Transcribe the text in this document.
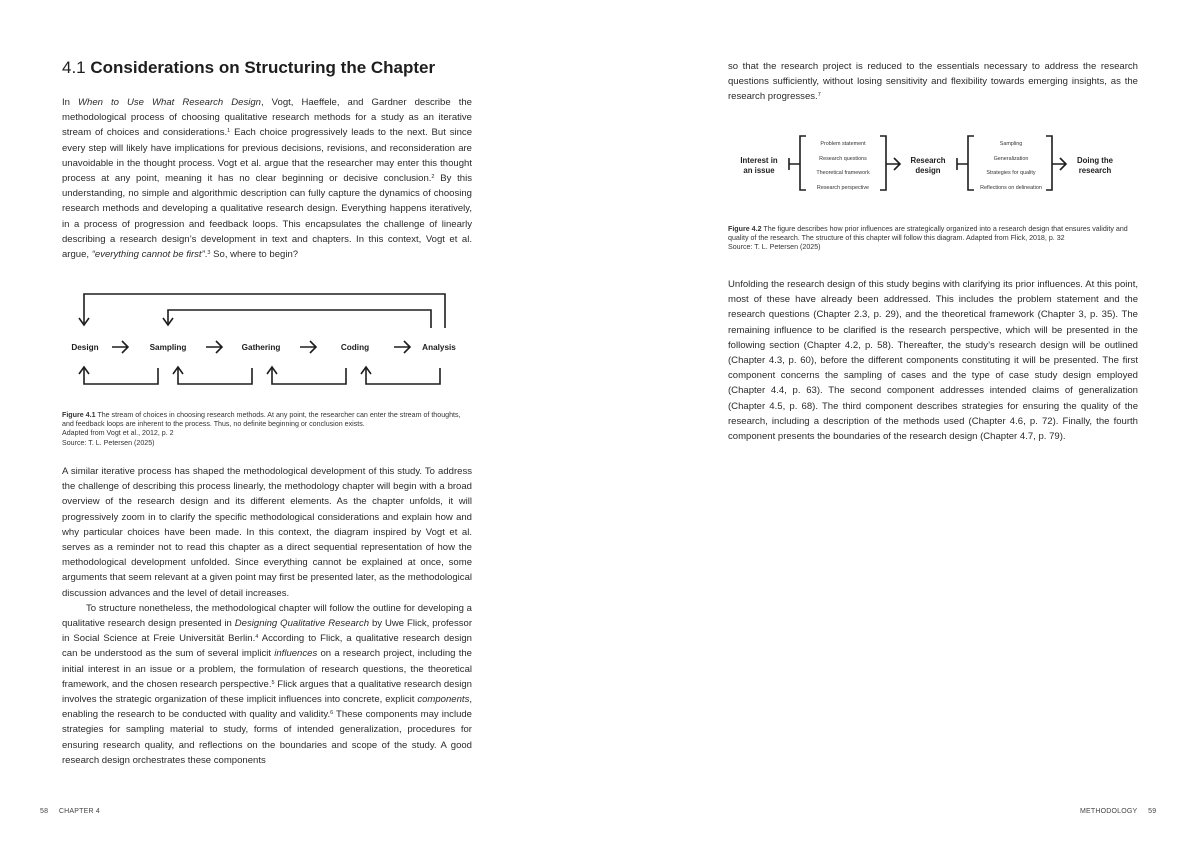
4.1 Considerations on Structuring the Chapter

In When to Use What Research Design, Vogt, Haeffele, and Gardner describe the methodological process of choosing qualitative research methods for a study as an iterative stream of choices and considerations.$^1$ Each choice progressively leads to the next. But since every step will likely have implications for previous decisions, revisions, and reconsideration are unavoidable in the thought process. Vogt et al. argue that the researcher may enter this thought process at any point, meaning it has no clear beginning or decisive conclusion.$^2$ By this understanding, no simple and algorithmic description can fully capture the dynamics of choosing research methods and developing a qualitative research design. Everything happens iteratively, in a process of progression and feedback loops. This encapsulates the challenge of linearly describing a research design’s development in text and chapters. In this context, Vogt et al. argue, “everything cannot be first”.$^3$ So, where to begin?

Design	Sampling	Gathering	Coding	Analysis

Figure 4.1 The stream of choices in choosing research methods. At any point, the researcher can enter the stream of thoughts, and feedback loops are inherent to the process. Thus, no definite beginning or conclusion exists.

Adapted from Vogt et al., 2012, p. 2

Source: T. L. Petersen (2025)

A similar iterative process has shaped the methodological development of this study. To address the challenge of describing this process linearly, the methodology chapter will begin with a broad overview of the research design and its different elements. As the chapter unfolds, it will progressively zoom in to clarify the specific methodological considerations and explain how and why particular choices have been made. In this context, the diagram inspired by Vogt et al. serves as a reminder not to read this chapter as a direct sequential representation of how the methodological development unfolded. Since everything cannot be explained at once, some arguments that seem relevant at a given point may first be presented later, as the methodological discussion advances and the level of detail increases.

To structure nonetheless, the methodological chapter will follow the outline for developing a qualitative research design presented in Designing Qualitative Research by Uwe Flick, professor in Social Science at Freie Universität Berlin.$^4$ According to Flick, a qualitative research design can be understood as the sum of several implicit influences on a research project, including the initial interest in an issue or a problem, the formulation of research questions, the theoretical framework, and the chosen research perspective.$^5$ Flick argues that a qualitative research design involves the strategic organization of these implicit influences into concrete, explicit components, enabling the research to be conducted with quality and validity.$^6$ These components may include strategies for sampling material to study, forms of intended generalization, procedures for ensuring research quality, and reflections on the boundaries and scope of the study. A good research design orchestrates these components

58 CHAPTER 4

so that the research project is reduced to the essentials necessary to address the research questions sufficiently, without losing sensitivity and flexibility towards emerging insights, as the research progresses.$^7$

Interest in
an issue
Research
design
Doing the
research
Problem statement
Research questions
Theoretical framework
Research perspective
Sampling
Generalization
Strategies for quality
Reflections on delineation

Figure 4.2 The figure describes how prior influences are strategically organized into a research design that ensures validity and quality of the research. The structure of this chapter will follow this diagram. Adapted from Flick, 2018, p. 32

Source: T. L. Petersen (2025)

Unfolding the research design of this study begins with clarifying its prior influences. At this point, most of these have already been addressed. This includes the problem statement and the research questions (Chapter 2.3, p. 29), and the theoretical framework (Chapter 3, p. 35). The remaining influence to be clarified is the research perspective, which will be presented in the following section (Chapter 4.2, p. 58). Thereafter, the study’s research design will be outlined (Chapter 4.3, p. 60), before the different components constituting it will be presented. The first component concerns the sampling of cases and the type of case study design employed (Chapter 4.4, p. 63). The second component addresses intended claims of generalization (Chapter 4.5, p. 68). The third component describes strategies for ensuring the quality of the research, including a description of the methods used (Chapter 4.6, p. 72). Finally, the fourth component presents the boundaries of the research design (Chapter 4.7, p. 79).

METHODOLOGY 59
